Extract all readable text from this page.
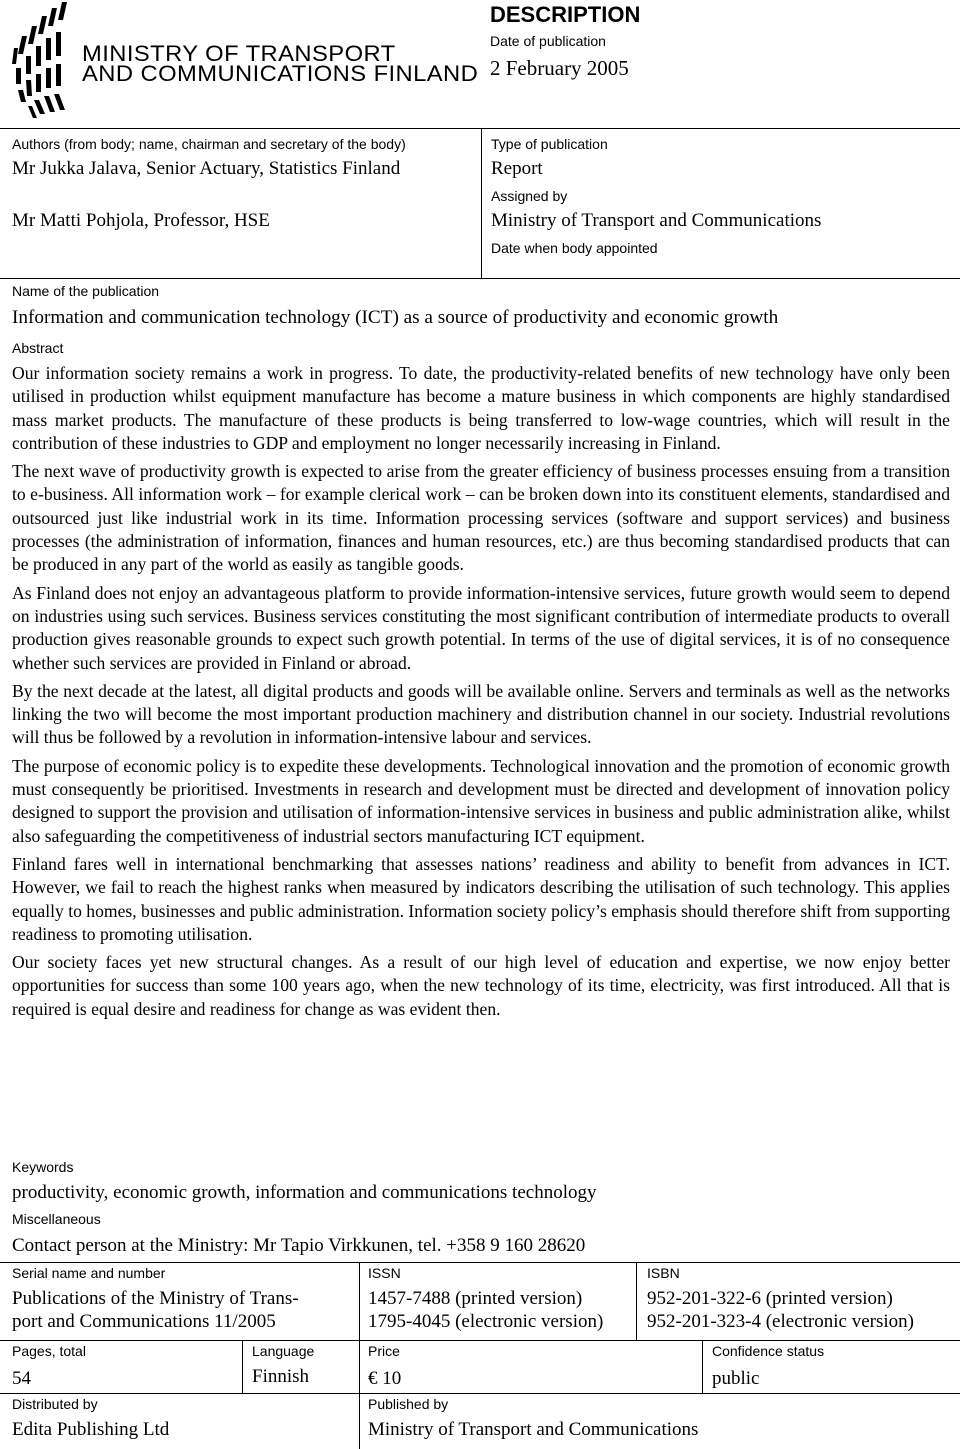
MINISTRY OF TRANSPORT
AND COMMUNICATIONS FINLAND
DESCRIPTION
Date of publication
2 February 2005
Authors (from body; name, chairman and secretary of the body)
Mr Jukka Jalava, Senior Actuary, Statistics Finland
Mr Matti Pohjola, Professor, HSE
Type of publication
Report
Assigned by
Ministry of Transport and Communications
Date when body appointed
Name of the publication
Information and communication technology (ICT) as a source of productivity and economic growth
Abstract

Our information society remains a work in progress. To date, the productivity-related benefits of new technology have only been utilised in production whilst equipment manufacture has become a mature business in which components are highly standardised mass market products. The manufacture of these products is being transferred to low-wage countries, which will result in the contribution of these industries to GDP and employment no longer necessarily increasing in Finland.

The next wave of productivity growth is expected to arise from the greater efficiency of business processes ensuing from a transition to e-business. All information work – for example clerical work – can be broken down into its constituent elements, standardised and outsourced just like industrial work in its time. Information processing services (software and support services) and business processes (the administration of information, finances and human resources, etc.) are thus becoming standardised products that can be produced in any part of the world as easily as tangible goods.

As Finland does not enjoy an advantageous platform to provide information-intensive services, future growth would seem to depend on industries using such services. Business services constituting the most significant contribution of intermediate products to overall production gives reasonable grounds to expect such growth potential. In terms of the use of digital services, it is of no consequence whether such services are provided in Finland or abroad.

By the next decade at the latest, all digital products and goods will be available online. Servers and terminals as well as the networks linking the two will become the most important production machinery and distribution channel in our society. Industrial revolutions will thus be followed by a revolution in information-intensive labour and services.

The purpose of economic policy is to expedite these developments. Technological innovation and the promotion of economic growth must consequently be prioritised. Investments in research and development must be directed and development of innovation policy designed to support the provision and utilisation of information-intensive services in business and public administration alike, whilst also safeguarding the competitiveness of industrial sectors manufacturing ICT equipment.

Finland fares well in international benchmarking that assesses nations’ readiness and ability to benefit from advances in ICT. However, we fail to reach the highest ranks when measured by indicators describing the utilisation of such technology. This applies equally to homes, businesses and public administration. Information society policy’s emphasis should therefore shift from supporting readiness to promoting utilisation.

Our society faces yet new structural changes. As a result of our high level of education and expertise, we now enjoy better opportunities for success than some 100 years ago, when the new technology of its time, electricity, was first introduced. All that is required is equal desire and readiness for change as was evident then.

Keywords
productivity, economic growth, information and communications technology
Miscellaneous
Contact person at the Ministry: Mr Tapio Virkkunen, tel. +358 9 160 28620
Serial name and number
Publications of the Ministry of Trans-
port and Communications 11/2005
ISSN
1457-7488 (printed version)
1795-4045 (electronic version)
ISBN
952-201-322-6 (printed version)
952-201-323-4 (electronic version)
Pages, total
54
Language
Finnish
Price
€ 10
Confidence status
public
Distributed by
Edita Publishing Ltd
Published by
Ministry of Transport and Communications
